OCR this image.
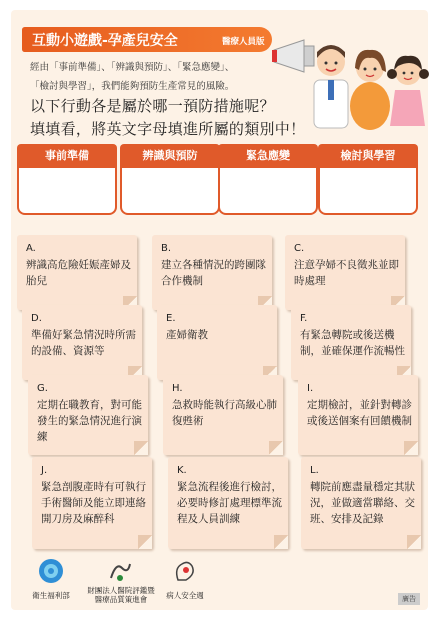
互動小遊戲-孕產兒安全	醫療人員版
經由「事前準備」、「辨識與預防」、「緊急應變」、
「檢討與學習」，我們能夠預防生產常見的風險。
以下行動各是屬於哪一預防措施呢？
填填看，將英文字母填進所屬的類別中！
事前準備	辨識與預防	緊急應變	檢討與學習
A.
辨識高危險妊娠產婦及胎兒
B.
建立各種情況的跨團隊合作機制
C.
注意孕婦不良徵兆並即時處理
D.
準備好緊急情況時所需的設備、資源等
E.
產婦衛教
F.
有緊急轉院或後送機制，並確保運作流暢性
G.
定期在職教育，對可能發生的緊急情況進行演練
H.
急救時能執行高級心肺復甦術
I.
定期檢討，並針對轉診或後送個案有回饋機制
J.
緊急剖腹產時有可執行手術醫師及能立即連絡開刀房及麻醉科
K.
緊急流程後進行檢討，必要時修訂處理標準流程及人員訓練
L.
轉院前應盡量穩定其狀況，並做適當聯絡、交班、安排及記錄
衛生福利部
財團法人醫院評鑑暨醫療品質策進會	病人安全週	廣告
